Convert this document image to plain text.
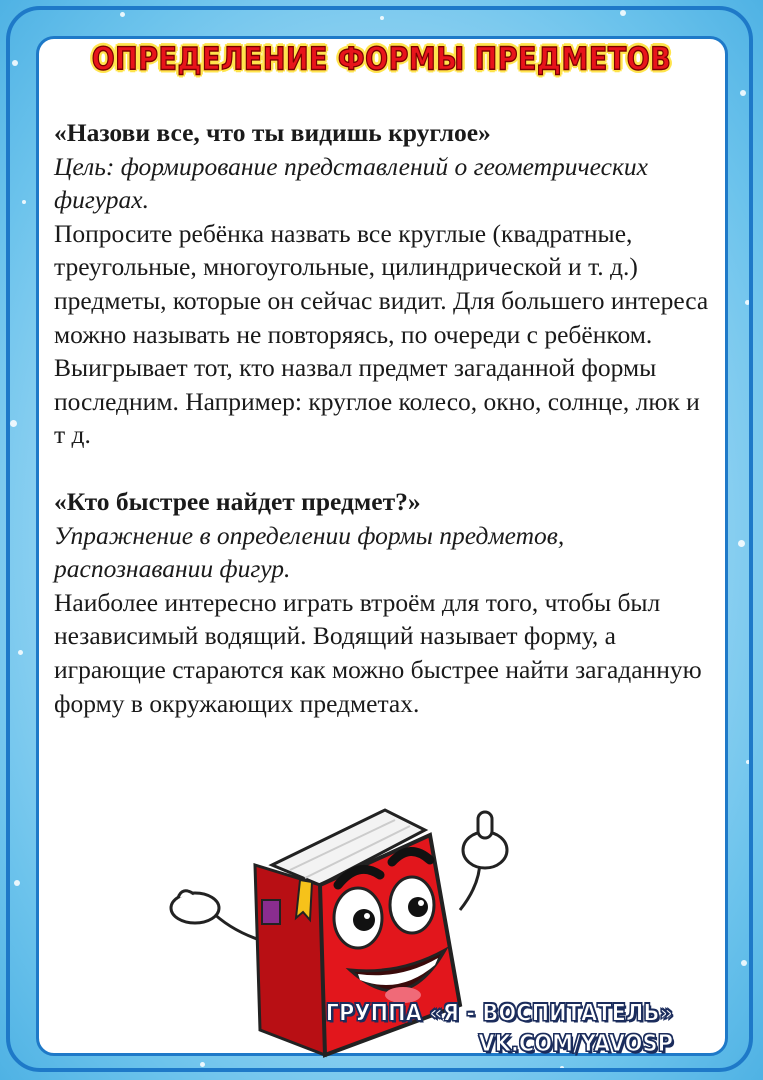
ОПРЕДЕЛЕНИЕ ФОРМЫ ПРЕДМЕТОВ

«Назови все, что ты видишь круглое»

Цель: формирование представлений о геометрических фигурах.

Попросите ребёнка назвать все круглые (квадратные, треугольные, многоугольные, цилиндрической и т. д.) предметы, которые он сейчас видит. Для большего интереса можно называть не повторяясь, по очереди с ребёнком.

Выигрывает тот, кто назвал предмет загаданной формы последним. Например: круглое колесо, окно, солнце, люк и т д.

«Кто быстрее найдет предмет?»

Упражнение в определении формы предметов, распознавании фигур.

Наиболее интересно играть втроём для того, чтобы был независимый водящий. Водящий называет форму, а играющие стараются как можно быстрее найти загаданную форму в окружающих предметах.

ГРУППА «Я - ВОСПИТАТЕЛЬ»
VK.COM/YAVOSP
